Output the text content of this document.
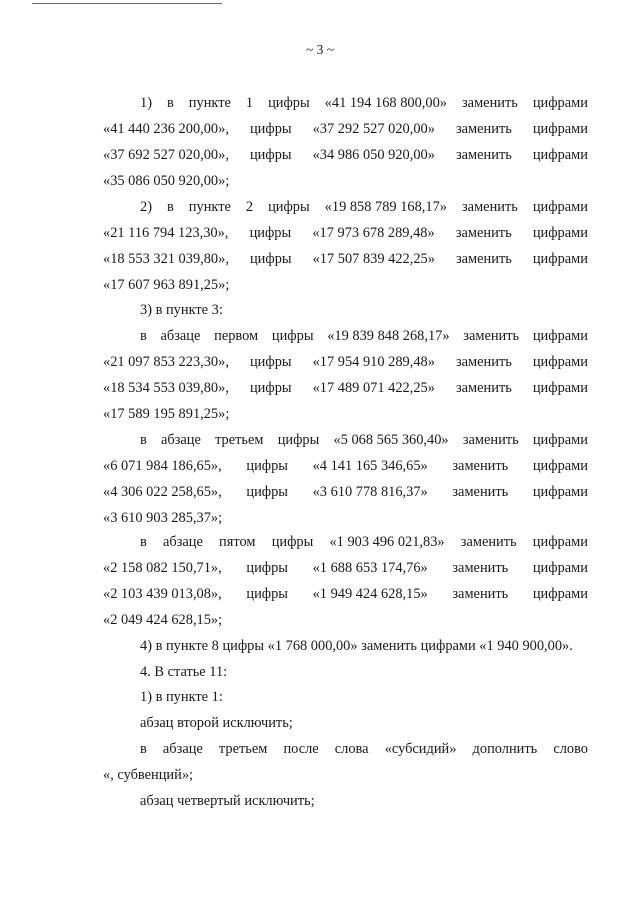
~ 3 ~
1) в пункте 1 цифры «41 194 168 800,00» заменить цифрами
«41 440 236 200,00», цифры «37 292 527 020,00» заменить цифрами
«37 692 527 020,00», цифры «34 986 050 920,00» заменить цифрами
«35 086 050 920,00»;
2) в пункте 2 цифры «19 858 789 168,17» заменить цифрами
«21 116 794 123,30», цифры «17 973 678 289,48» заменить цифрами
«18 553 321 039,80», цифры «17 507 839 422,25» заменить цифрами
«17 607 963 891,25»;
3) в пункте 3:
в абзаце первом цифры «19 839 848 268,17» заменить цифрами
«21 097 853 223,30», цифры «17 954 910 289,48» заменить цифрами
«18 534 553 039,80», цифры «17 489 071 422,25» заменить цифрами
«17 589 195 891,25»;
в абзаце третьем цифры «5 068 565 360,40» заменить цифрами
«6 071 984 186,65», цифры «4 141 165 346,65» заменить цифрами
«4 306 022 258,65», цифры «3 610 778 816,37» заменить цифрами
«3 610 903 285,37»;
в абзаце пятом цифры «1 903 496 021,83» заменить цифрами
«2 158 082 150,71», цифры «1 688 653 174,76» заменить цифрами
«2 103 439 013,08», цифры «1 949 424 628,15» заменить цифрами
«2 049 424 628,15»;
4) в пункте 8 цифры «1 768 000,00» заменить цифрами «1 940 900,00».
4. В статье 11:
1) в пункте 1:
абзац второй исключить;
в абзаце третьем после слова «субсидий» дополнить слово
«, субвенций»;
абзац четвертый исключить;
